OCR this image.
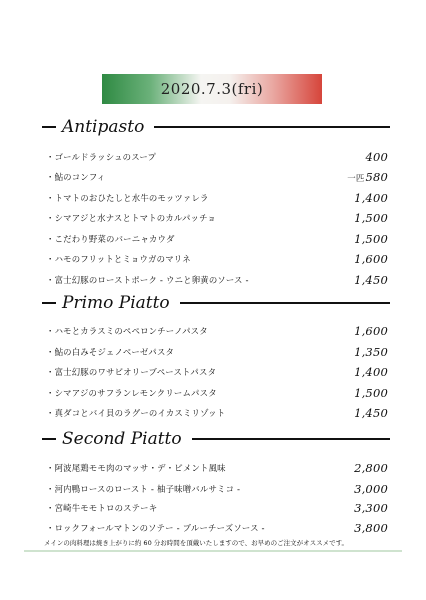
2020.7.3(fri)
Antipasto
・ゴールドラッシュのスープ	400
・鮎のコンフィ	一匹580
・トマトのおひたしと水牛のモッツァレラ	1,400
・シマアジと水ナスとトマトのカルパッチョ	1,500
・こだわり野菜のバーニャカウダ	1,500
・ハモのフリットとミョウガのマリネ	1,600
・富士幻豚のローストポーク - ウニと卵黄のソース -	1,450
Primo Piatto
・ハモとカラスミのペペロンチーノパスタ	1,600
・鮎の白みそジェノベーゼパスタ	1,350
・富士幻豚のワサビオリーブペーストパスタ	1,400
・シマアジのサフランレモンクリームパスタ	1,500
・真ダコとバイ貝のラグーのイカスミリゾット	1,450
Second Piatto
・阿波尾鶏モモ肉のマッサ・デ・ピメント風味	2,800
・河内鴨ロースのロースト - 柚子味噌バルサミコ -	3,000
・宮崎牛モモトロのステーキ	3,300
・ロックフォールマトンのソテー - ブルーチーズソース -	3,800
メインの肉料理は焼き上がりに約 60 分お時間を頂戴いたしますので、お早めのご注文がオススメです。
